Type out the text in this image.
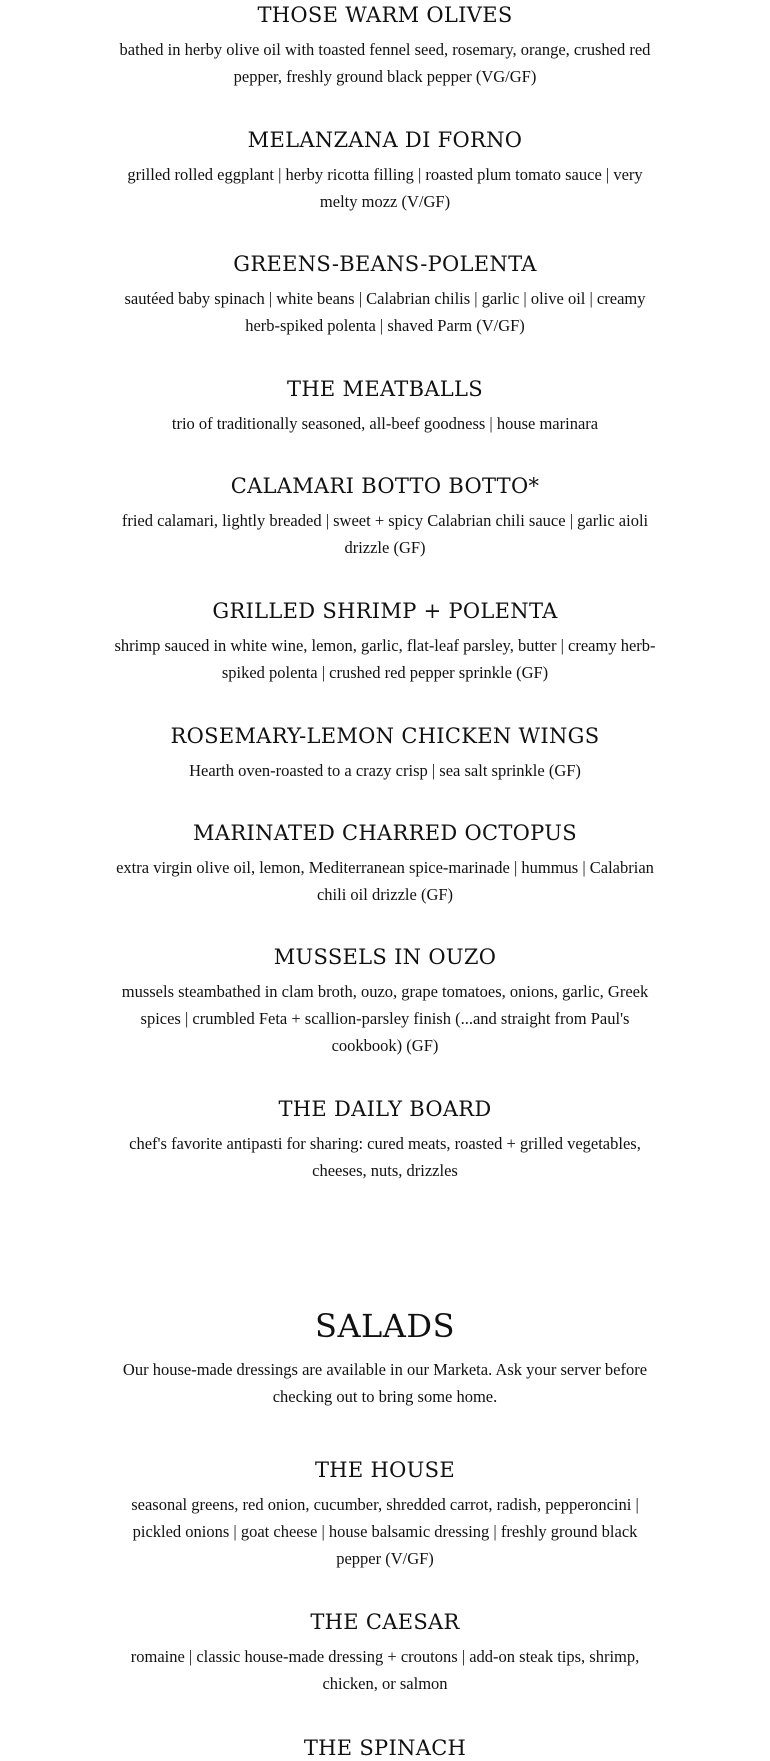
THOSE WARM OLIVES

bathed in herby olive oil with toasted fennel seed, rosemary, orange, crushed red pepper, freshly ground black pepper (VG/GF)

MELANZANA DI FORNO

grilled rolled eggplant | herby ricotta filling | roasted plum tomato sauce | very melty mozz (V/GF)

GREENS-BEANS-POLENTA

sautéed baby spinach | white beans | Calabrian chilis | garlic | olive oil | creamy herb-spiked polenta | shaved Parm (V/GF)

THE MEATBALLS

trio of traditionally seasoned, all-beef goodness | house marinara

CALAMARI BOTTO BOTTO*

fried calamari, lightly breaded | sweet + spicy Calabrian chili sauce | garlic aioli drizzle (GF)

GRILLED SHRIMP + POLENTA

shrimp sauced in white wine, lemon, garlic, flat-leaf parsley, butter | creamy herb-spiked polenta | crushed red pepper sprinkle (GF)

ROSEMARY-LEMON CHICKEN WINGS

Hearth oven-roasted to a crazy crisp | sea salt sprinkle (GF)

MARINATED CHARRED OCTOPUS

extra virgin olive oil, lemon, Mediterranean spice-marinade | hummus | Calabrian chili oil drizzle (GF)

MUSSELS IN OUZO

mussels steambathed in clam broth, ouzo, grape tomatoes, onions, garlic, Greek spices | crumbled Feta + scallion-parsley finish (...and straight from Paul's cookbook) (GF)

THE DAILY BOARD

chef's favorite antipasti for sharing: cured meats, roasted + grilled vegetables, cheeses, nuts, drizzles

SALADS

Our house-made dressings are available in our Marketa. Ask your server before checking out to bring some home.

THE HOUSE

seasonal greens, red onion, cucumber, shredded carrot, radish, pepperoncini | pickled onions | goat cheese | house balsamic dressing | freshly ground black pepper (V/GF)

THE CAESAR

romaine | classic house-made dressing + croutons | add-on steak tips, shrimp, chicken, or salmon

THE SPINACH
